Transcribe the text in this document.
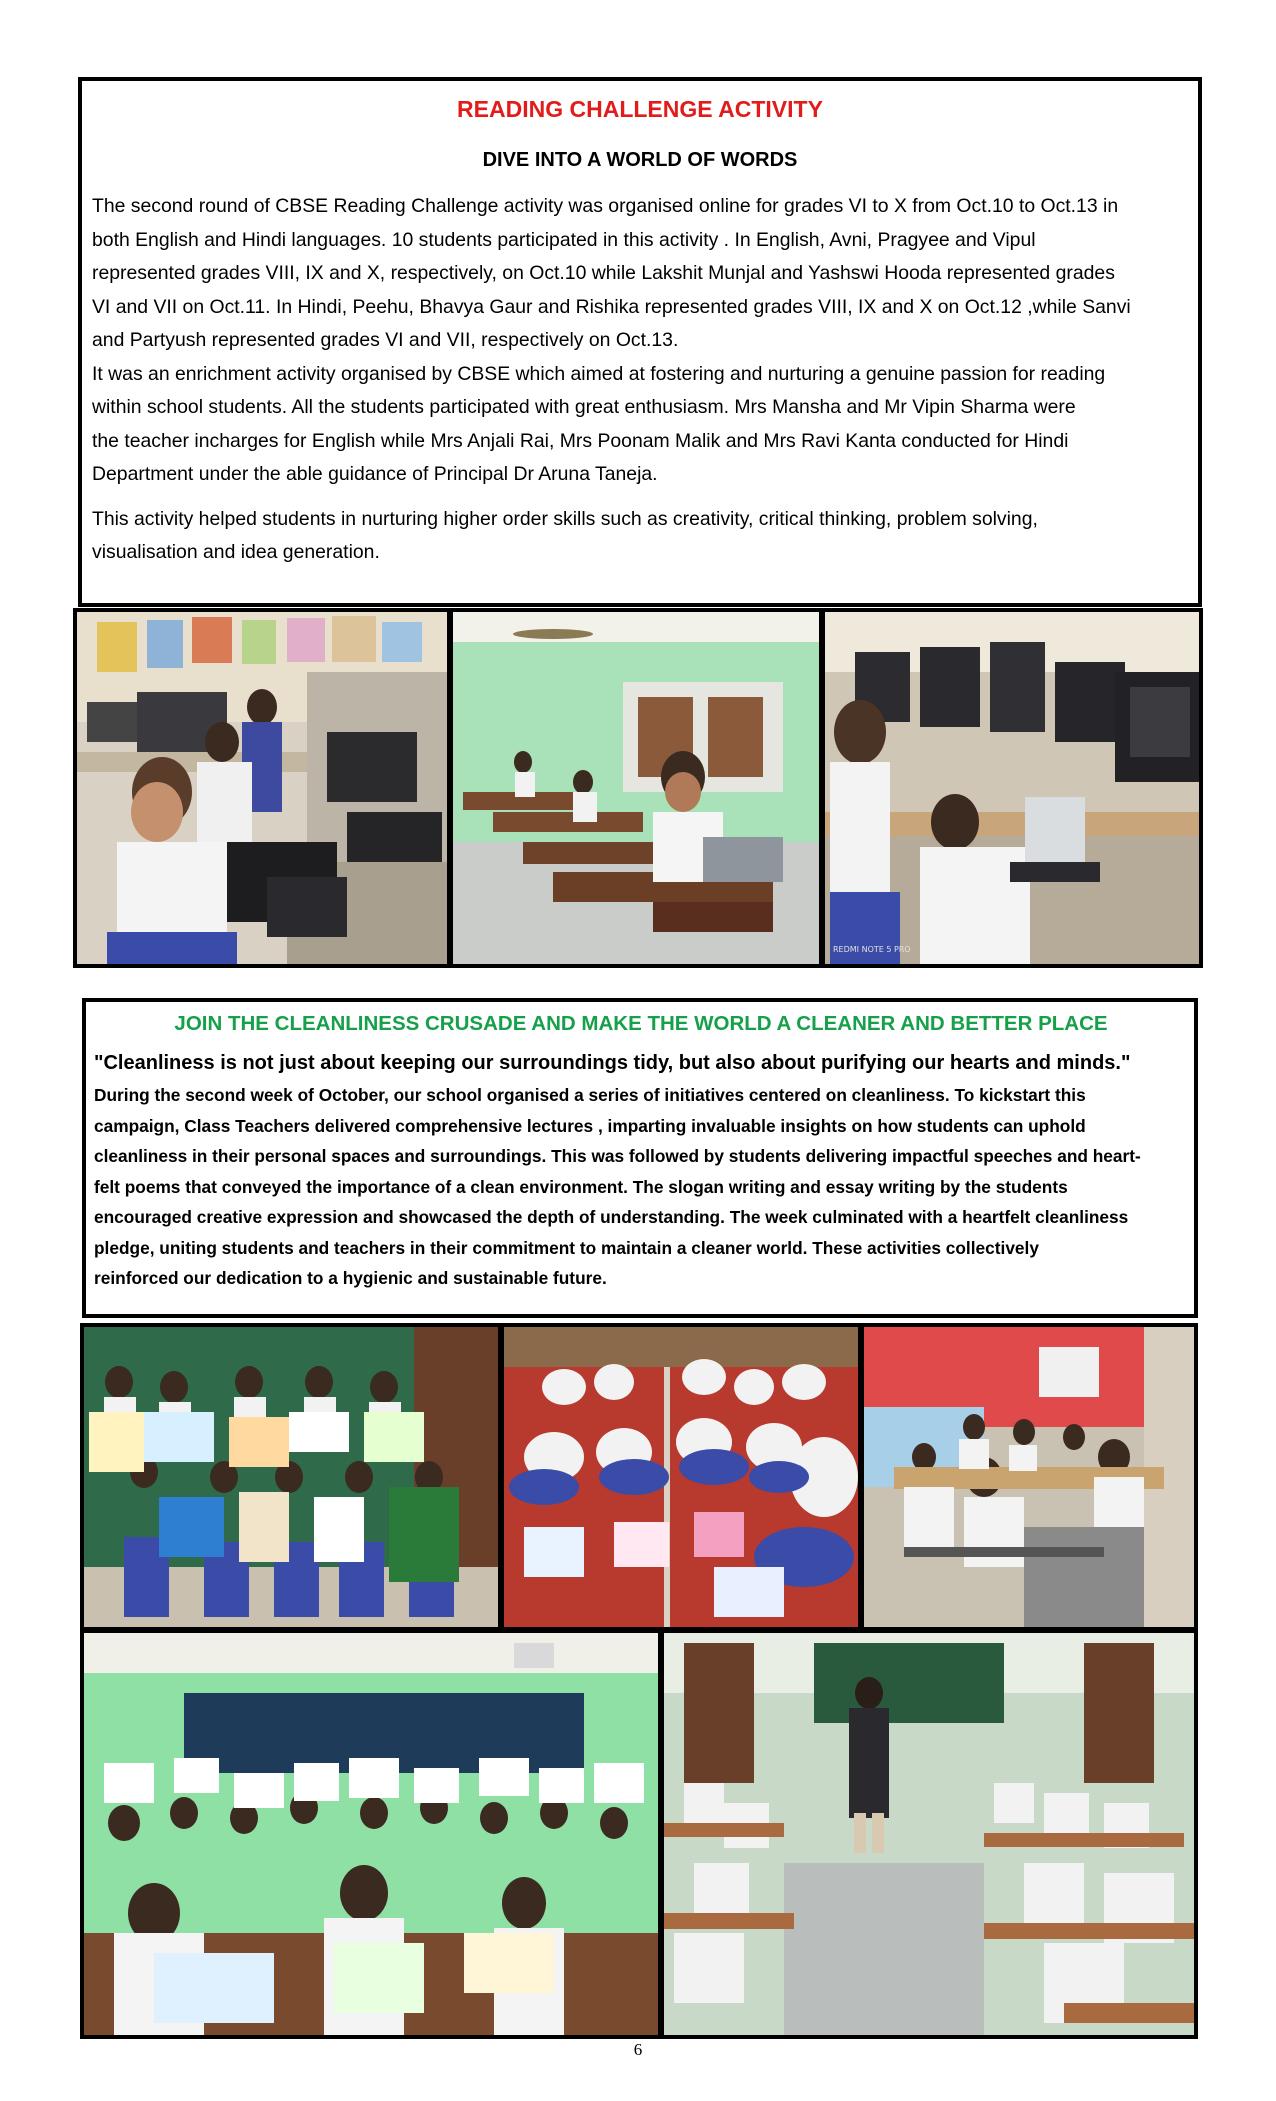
READING CHALLENGE ACTIVITY
DIVE INTO A WORLD OF WORDS
The second round of CBSE Reading Challenge activity was organised online for grades VI to X from Oct.10 to Oct.13 in
both English and Hindi languages. 10 students participated in this activity . In English, Avni, Pragyee and Vipul
represented grades VIII, IX and X, respectively, on Oct.10 while Lakshit Munjal and Yashswi Hooda represented grades
VI and VII on Oct.11. In Hindi, Peehu, Bhavya Gaur and Rishika represented grades VIII, IX and X on Oct.12 ,while Sanvi
and Partyush represented grades VI and VII, respectively on Oct.13.
It was an enrichment activity organised by CBSE which aimed at fostering and nurturing a genuine passion for reading
within school students. All the students participated with great enthusiasm. Mrs Mansha and Mr Vipin Sharma were
the teacher incharges for English while Mrs Anjali Rai, Mrs Poonam Malik and Mrs Ravi Kanta conducted for Hindi
Department under the able guidance of Principal Dr Aruna Taneja.
This activity helped students in nurturing higher order skills such as creativity, critical thinking, problem solving,
visualisation and idea generation.
REDMI NOTE 5 PRO
JOIN THE CLEANLINESS CRUSADE AND MAKE THE WORLD A CLEANER AND BETTER PLACE
"Cleanliness is not just about keeping our surroundings tidy, but also about purifying our hearts and minds."
During the second week of October, our school organised a series of initiatives centered on cleanliness. To kickstart this
campaign, Class Teachers delivered comprehensive lectures , imparting invaluable insights on how students can uphold
cleanliness in their personal spaces and surroundings. This was followed by students delivering impactful speeches and heart-
felt poems that conveyed the importance of a clean environment. The slogan writing and essay writing by the students
encouraged creative expression and showcased the depth of understanding. The week culminated with a heartfelt cleanliness
pledge, uniting students and teachers in their commitment to maintain a cleaner world. These activities collectively
reinforced our dedication to a hygienic and sustainable future.
6
